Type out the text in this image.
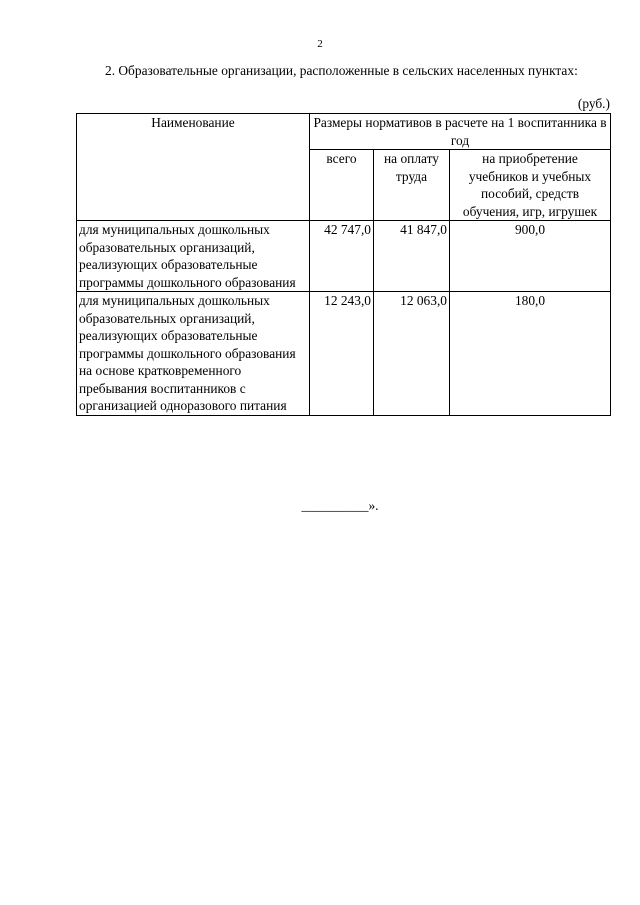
2
2. Образовательные организации, расположенные в сельских населенных пунктах:
(руб.)
Наименование	Размеры нормативов в расчете на 1 воспитанника в год		
	всего	на оплату труда	на приобретение учебников и учебных пособий, средств обучения, игр, игрушек
для муниципальных дошкольных образовательных организаций, реализующих образовательные программы дошкольного образования	42 747,0	41 847,0	900,0
для муниципальных дошкольных образовательных организаций, реализующих образовательные программы дошкольного образования на основе кратковременного пребывания воспитанников с организацией одноразового питания	12 243,0	12 063,0	180,0
__________».
